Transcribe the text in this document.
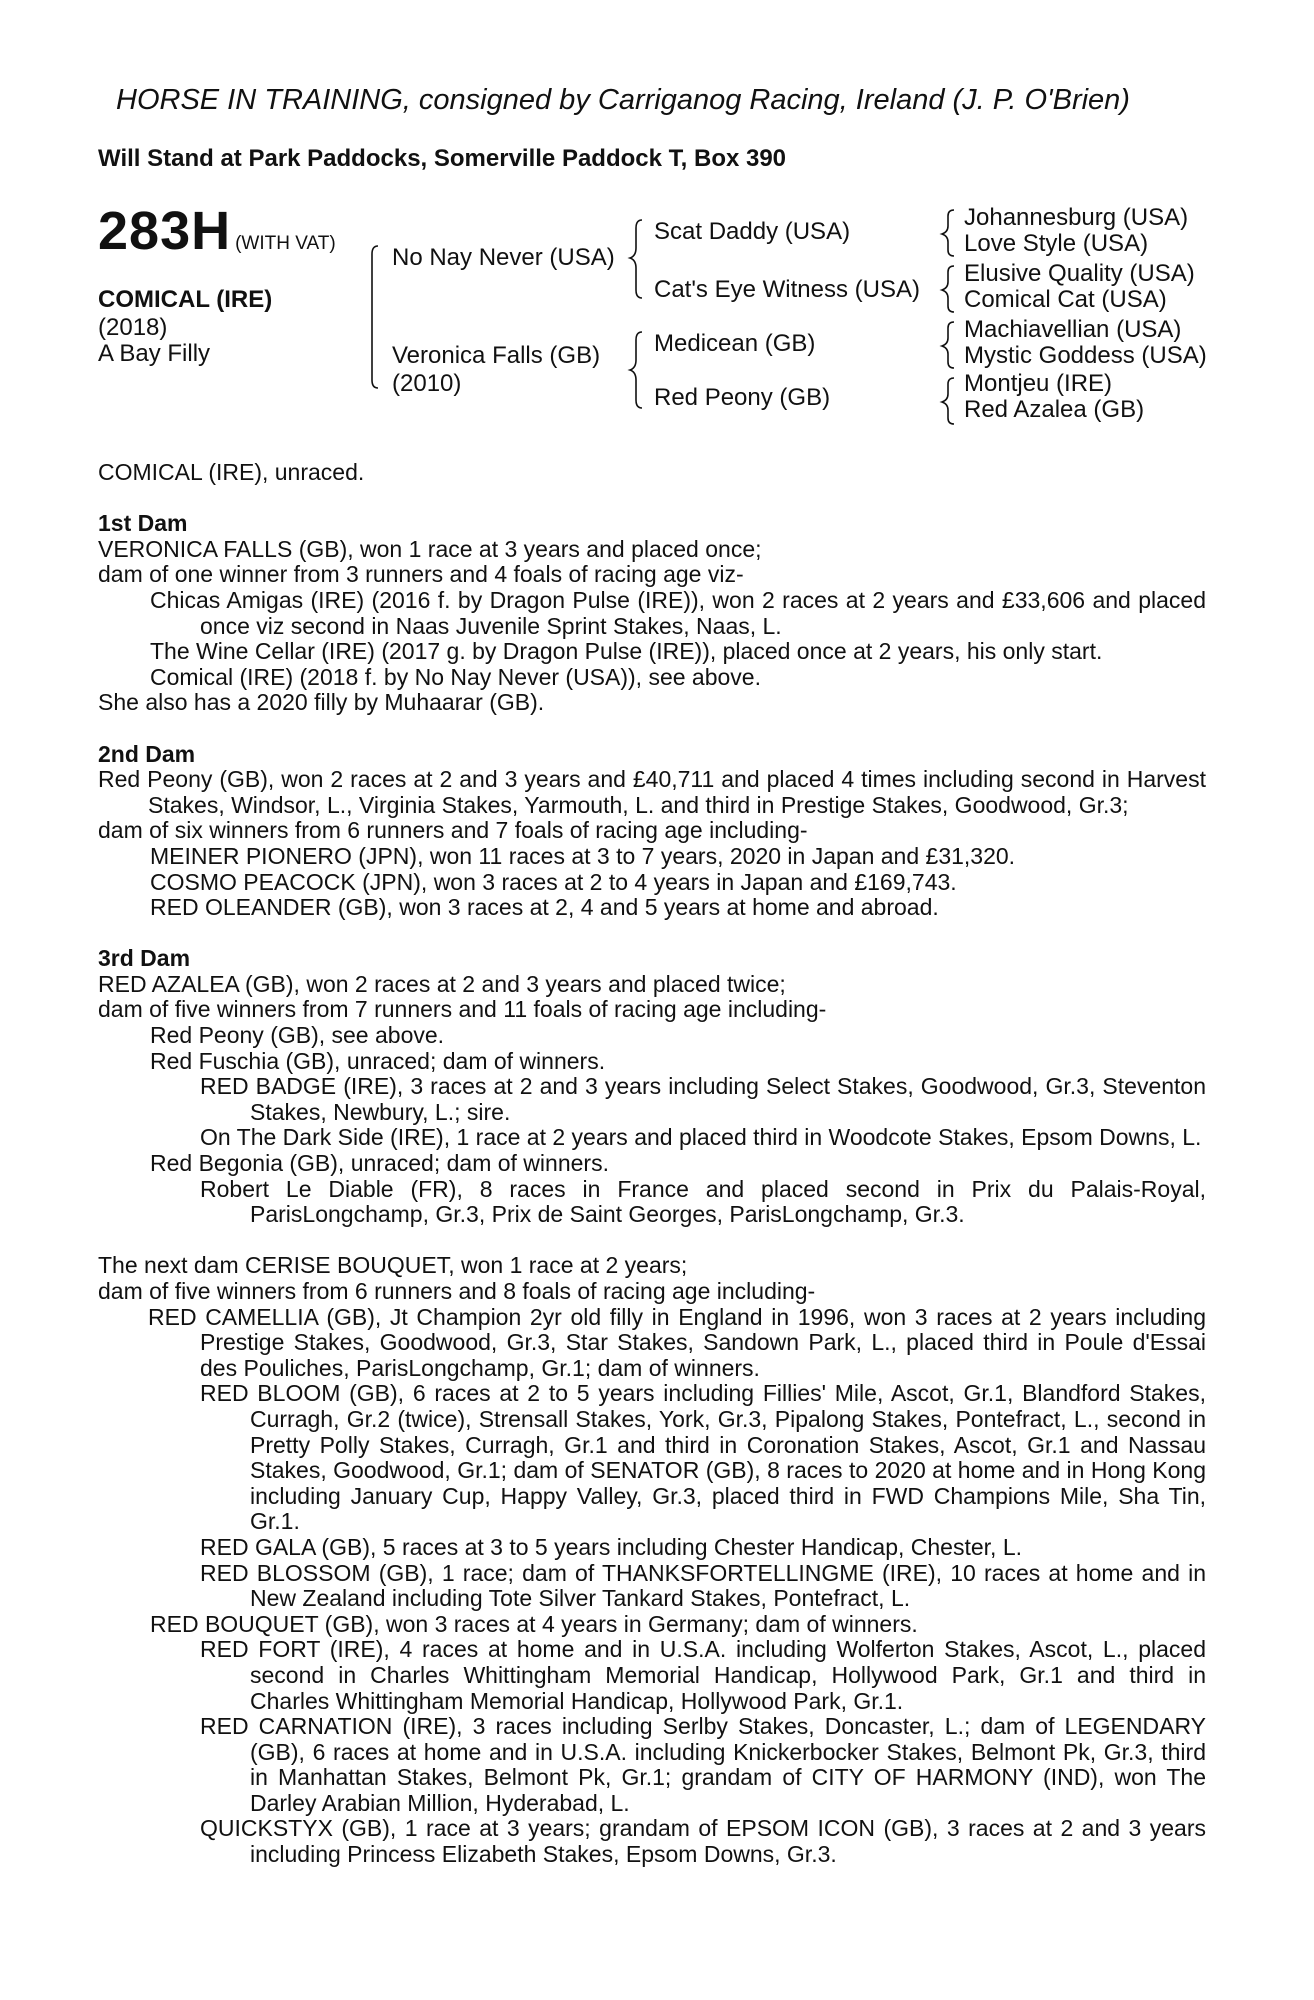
HORSE IN TRAINING, consigned by Carriganog Racing, Ireland (J. P. O'Brien)
Will Stand at Park Paddocks, Somerville Paddock T, Box 390
283H (WITH VAT)
COMICAL (IRE)
(2018)
A Bay Filly
No Nay Never (USA)
Veronica Falls (GB)
(2010)
Scat Daddy (USA)
Cat's Eye Witness (USA)
Medicean (GB)
Red Peony (GB)
Johannesburg (USA)
Love Style (USA)
Elusive Quality (USA)
Comical Cat (USA)
Machiavellian (USA)
Mystic Goddess (USA)
Montjeu (IRE)
Red Azalea (GB)

COMICAL (IRE), unraced.

1st Dam

VERONICA FALLS (GB), won 1 race at 3 years and placed once;

dam of one winner from 3 runners and 4 foals of racing age viz-

Chicas Amigas (IRE) (2016 f. by Dragon Pulse (IRE)), won 2 races at 2 years and £33,606 and placed once viz second in Naas Juvenile Sprint Stakes, Naas, L.

The Wine Cellar (IRE) (2017 g. by Dragon Pulse (IRE)), placed once at 2 years, his only start.

Comical (IRE) (2018 f. by No Nay Never (USA)), see above.

She also has a 2020 filly by Muhaarar (GB).

2nd Dam

Red Peony (GB), won 2 races at 2 and 3 years and £40,711 and placed 4 times including second in Harvest Stakes, Windsor, L., Virginia Stakes, Yarmouth, L. and third in Prestige Stakes, Goodwood, Gr.3;

dam of six winners from 6 runners and 7 foals of racing age including-

MEINER PIONERO (JPN), won 11 races at 3 to 7 years, 2020 in Japan and £31,320.

COSMO PEACOCK (JPN), won 3 races at 2 to 4 years in Japan and £169,743.

RED OLEANDER (GB), won 3 races at 2, 4 and 5 years at home and abroad.

3rd Dam

RED AZALEA (GB), won 2 races at 2 and 3 years and placed twice;

dam of five winners from 7 runners and 11 foals of racing age including-

Red Peony (GB), see above.

Red Fuschia (GB), unraced; dam of winners.

RED BADGE (IRE), 3 races at 2 and 3 years including Select Stakes, Goodwood, Gr.3, Steventon Stakes, Newbury, L.; sire.

On The Dark Side (IRE), 1 race at 2 years and placed third in Woodcote Stakes, Epsom Downs, L.

Red Begonia (GB), unraced; dam of winners.

Robert Le Diable (FR), 8 races in France and placed second in Prix du Palais-Royal, ParisLongchamp, Gr.3, Prix de Saint Georges, ParisLongchamp, Gr.3.

The next dam CERISE BOUQUET, won 1 race at 2 years;

dam of five winners from 6 runners and 8 foals of racing age including-

RED CAMELLIA (GB), Jt Champion 2yr old filly in England in 1996, won 3 races at 2 years including Prestige Stakes, Goodwood, Gr.3, Star Stakes, Sandown Park, L., placed third in Poule d'Essai des Pouliches, ParisLongchamp, Gr.1; dam of winners.

RED BLOOM (GB), 6 races at 2 to 5 years including Fillies' Mile, Ascot, Gr.1, Blandford Stakes, Curragh, Gr.2 (twice), Strensall Stakes, York, Gr.3, Pipalong Stakes, Pontefract, L., second in Pretty Polly Stakes, Curragh, Gr.1 and third in Coronation Stakes, Ascot, Gr.1 and Nassau Stakes, Goodwood, Gr.1; dam of SENATOR (GB), 8 races to 2020 at home and in Hong Kong including January Cup, Happy Valley, Gr.3, placed third in FWD Champions Mile, Sha Tin, Gr.1.

RED GALA (GB), 5 races at 3 to 5 years including Chester Handicap, Chester, L.

RED BLOSSOM (GB), 1 race; dam of THANKSFORTELLINGME (IRE), 10 races at home and in New Zealand including Tote Silver Tankard Stakes, Pontefract, L.

RED BOUQUET (GB), won 3 races at 4 years in Germany; dam of winners.

RED FORT (IRE), 4 races at home and in U.S.A. including Wolferton Stakes, Ascot, L., placed second in Charles Whittingham Memorial Handicap, Hollywood Park, Gr.1 and third in Charles Whittingham Memorial Handicap, Hollywood Park, Gr.1.

RED CARNATION (IRE), 3 races including Serlby Stakes, Doncaster, L.; dam of LEGENDARY (GB), 6 races at home and in U.S.A. including Knickerbocker Stakes, Belmont Pk, Gr.3, third in Manhattan Stakes, Belmont Pk, Gr.1; grandam of CITY OF HARMONY (IND), won The Darley Arabian Million, Hyderabad, L.

QUICKSTYX (GB), 1 race at 3 years; grandam of EPSOM ICON (GB), 3 races at 2 and 3 years including Princess Elizabeth Stakes, Epsom Downs, Gr.3.
